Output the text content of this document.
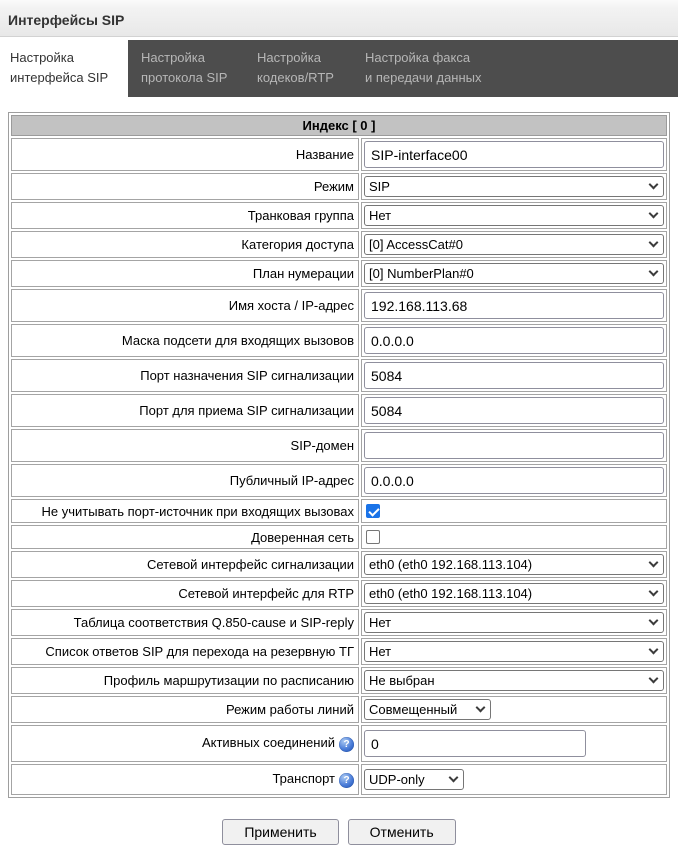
Интерфейсы SIP
Настройка
интерфейса SIP
Настройка
протокола SIP
Настройка
кодеков/RTP
Настройка факса
и передачи данных
Индекс [ 0 ]	
Название	SIP-interface00
Режим	SIP

Транковая группа	Нет

Категория доступа	[0] AccessCat#0

План нумерации	[0] NumberPlan#0

Имя хоста / IP-адрес	192.168.113.68
Маска подсети для входящих вызовов	0.0.0.0
Порт назначения SIP сигнализации	5084
Порт для приема SIP сигнализации	5084
SIP-домен	
Публичный IP-адрес	0.0.0.0
Не учитывать порт-источник при входящих вызовах	
Доверенная сеть	
Сетевой интерфейс сигнализации	eth0 (eth0 192.168.113.104)

Сетевой интерфейс для RTP	eth0 (eth0 192.168.113.104)

Таблица соответствия Q.850-cause и SIP-reply	Нет

Список ответов SIP для перехода на резервную ТГ	Нет

Профиль маршрутизации по расписанию	Не выбран

Режим работы линий	Совмещенный

Активных соединений?	0
Транспорт?	UDP-only
Применить	Отменить
